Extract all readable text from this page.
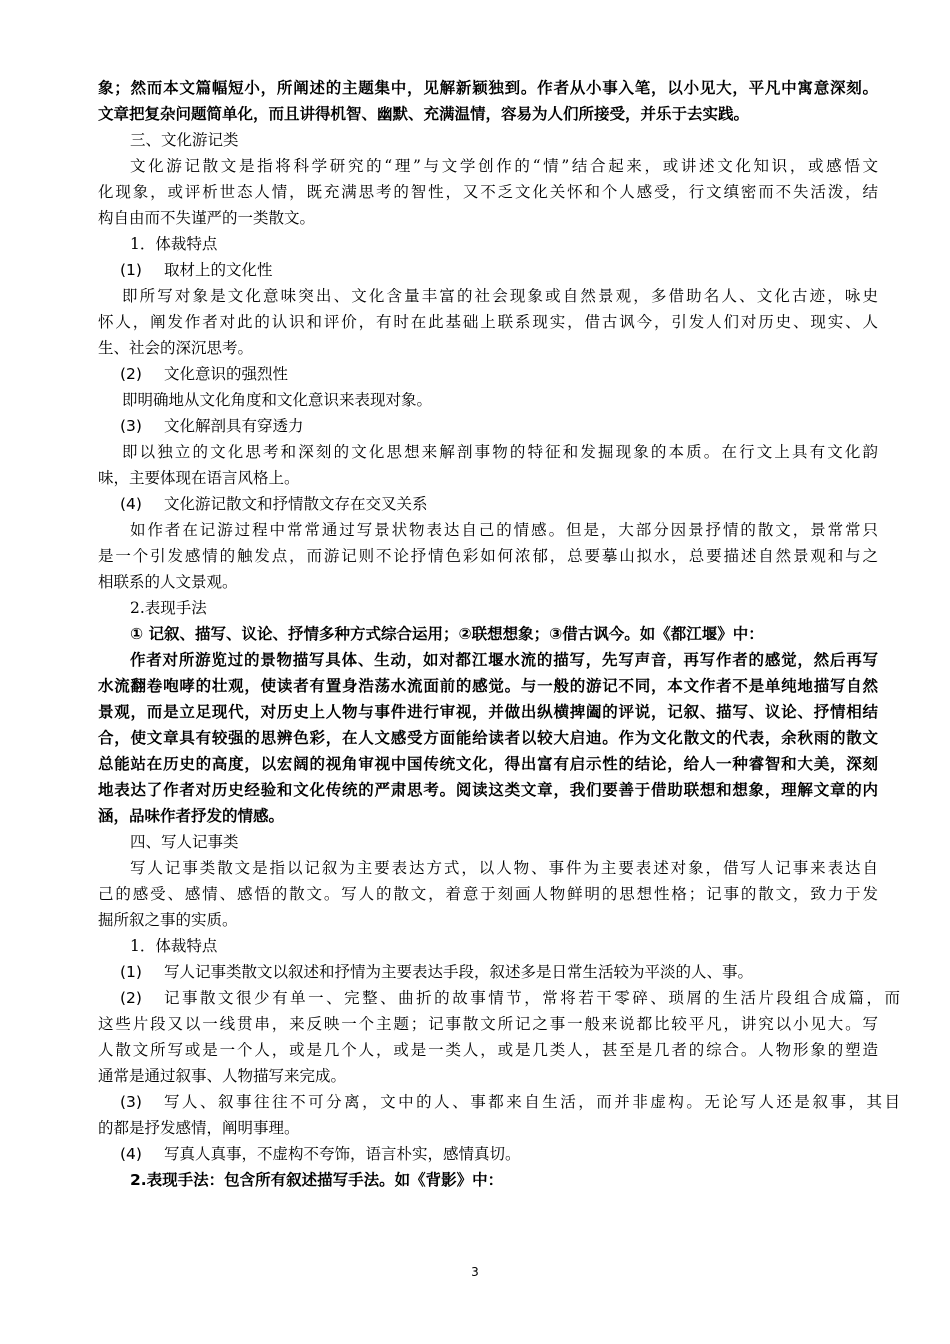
象；然而本文篇幅短小，所阐述的主题集中，见解新颖独到。作者从小事入笔，以小见大，平凡中寓意深刻。
文章把复杂问题简单化，而且讲得机智、幽默、充满温情，容易为人们所接受，并乐于去实践。
三、文化游记类
文化游记散文是指将科学研究的“理”与文学创作的“情”结合起来，或讲述文化知识，或感悟文
化现象，或评析世态人情，既充满思考的智性，又不乏文化关怀和个人感受，行文缜密而不失活泼，结
构自由而不失谨严的一类散文。
1．体裁特点
(1) 取材上的文化性
即所写对象是文化意味突出、文化含量丰富的社会现象或自然景观，多借助名人、文化古迹，咏史
怀人，阐发作者对此的认识和评价，有时在此基础上联系现实，借古讽今，引发人们对历史、现实、人
生、社会的深沉思考。
(2) 文化意识的强烈性
即明确地从文化角度和文化意识来表现对象。
(3) 文化解剖具有穿透力
即以独立的文化思考和深刻的文化思想来解剖事物的特征和发掘现象的本质。在行文上具有文化韵
味，主要体现在语言风格上。
(4) 文化游记散文和抒情散文存在交叉关系
如作者在记游过程中常常通过写景状物表达自己的情感。但是，大部分因景抒情的散文，景常常只
是一个引发感情的触发点，而游记则不论抒情色彩如何浓郁，总要摹山拟水，总要描述自然景观和与之
相联系的人文景观。
2.表现手法
① 记叙、描写、议论、抒情多种方式综合运用；②联想想象；③借古讽今。如《都江堰》中：
作者对所游览过的景物描写具体、生动，如对都江堰水流的描写，先写声音，再写作者的感觉，然后再写
水流翻卷咆哮的壮观，使读者有置身浩荡水流面前的感觉。与一般的游记不同，本文作者不是单纯地描写自然
景观，而是立足现代，对历史上人物与事件进行审视，并做出纵横捭阖的评说，记叙、描写、议论、抒情相结
合，使文章具有较强的思辨色彩，在人文感受方面能给读者以较大启迪。作为文化散文的代表，余秋雨的散文
总能站在历史的高度，以宏阔的视角审视中国传统文化，得出富有启示性的结论，给人一种睿智和大美，深刻
地表达了作者对历史经验和文化传统的严肃思考。阅读这类文章，我们要善于借助联想和想象，理解文章的内
涵，品味作者抒发的情感。
四、写人记事类
写人记事类散文是指以记叙为主要表达方式，以人物、事件为主要表述对象，借写人记事来表达自
己的感受、感情、感悟的散文。写人的散文，着意于刻画人物鲜明的思想性格；记事的散文，致力于发
掘所叙之事的实质。
1．体裁特点
(1) 写人记事类散文以叙述和抒情为主要表达手段，叙述多是日常生活较为平淡的人、事。
(2) 记事散文很少有单一、完整、曲折的故事情节，常将若干零碎、琐屑的生活片段组合成篇，而
这些片段又以一线贯串，来反映一个主题；记事散文所记之事一般来说都比较平凡，讲究以小见大。写
人散文所写或是一个人，或是几个人，或是一类人，或是几类人，甚至是几者的综合。人物形象的塑造
通常是通过叙事、人物描写来完成。
(3) 写人、叙事往往不可分离，文中的人、事都来自生活，而并非虚构。无论写人还是叙事，其目
的都是抒发感情，阐明事理。
(4) 写真人真事，不虚构不夸饰，语言朴实，感情真切。
2.表现手法：包含所有叙述描写手法。如《背影》中：
3
